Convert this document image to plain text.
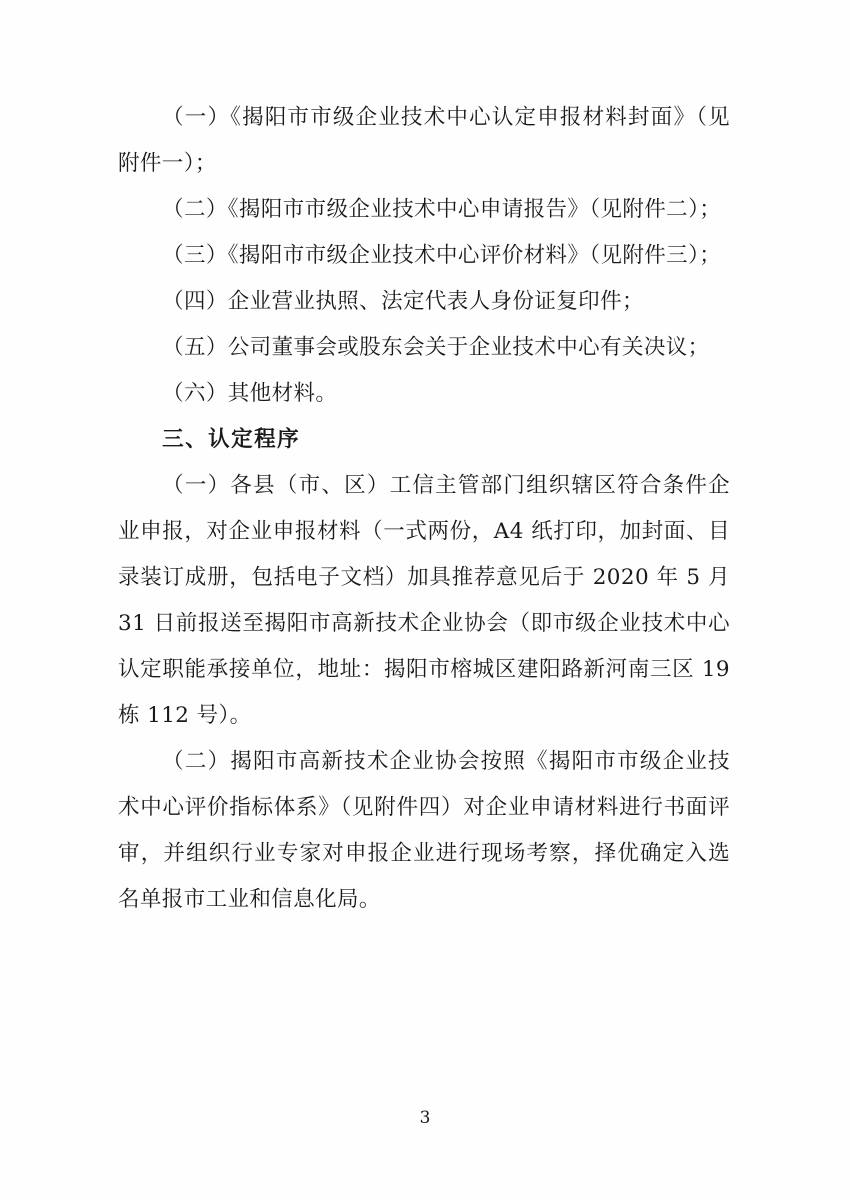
（一）《揭阳市市级企业技术中心认定申报材料封面》（见附件一）；

（二）《揭阳市市级企业技术中心申请报告》（见附件二）；

（三）《揭阳市市级企业技术中心评价材料》（见附件三）；

（四）企业营业执照、法定代表人身份证复印件；

（五）公司董事会或股东会关于企业技术中心有关决议；

（六）其他材料。

三、认定程序

（一）各县（市、区）工信主管部门组织辖区符合条件企业申报，对企业申报材料（一式两份，A4 纸打印，加封面、目录装订成册，包括电子文档）加具推荐意见后于 2020 年 5 月 31 日前报送至揭阳市高新技术企业协会（即市级企业技术中心认定职能承接单位，地址：揭阳市榕城区建阳路新河南三区 19 栋 112 号）。

（二）揭阳市高新技术企业协会按照《揭阳市市级企业技术中心评价指标体系》（见附件四）对企业申请材料进行书面评审，并组织行业专家对申报企业进行现场考察，择优确定入选名单报市工业和信息化局。

3
